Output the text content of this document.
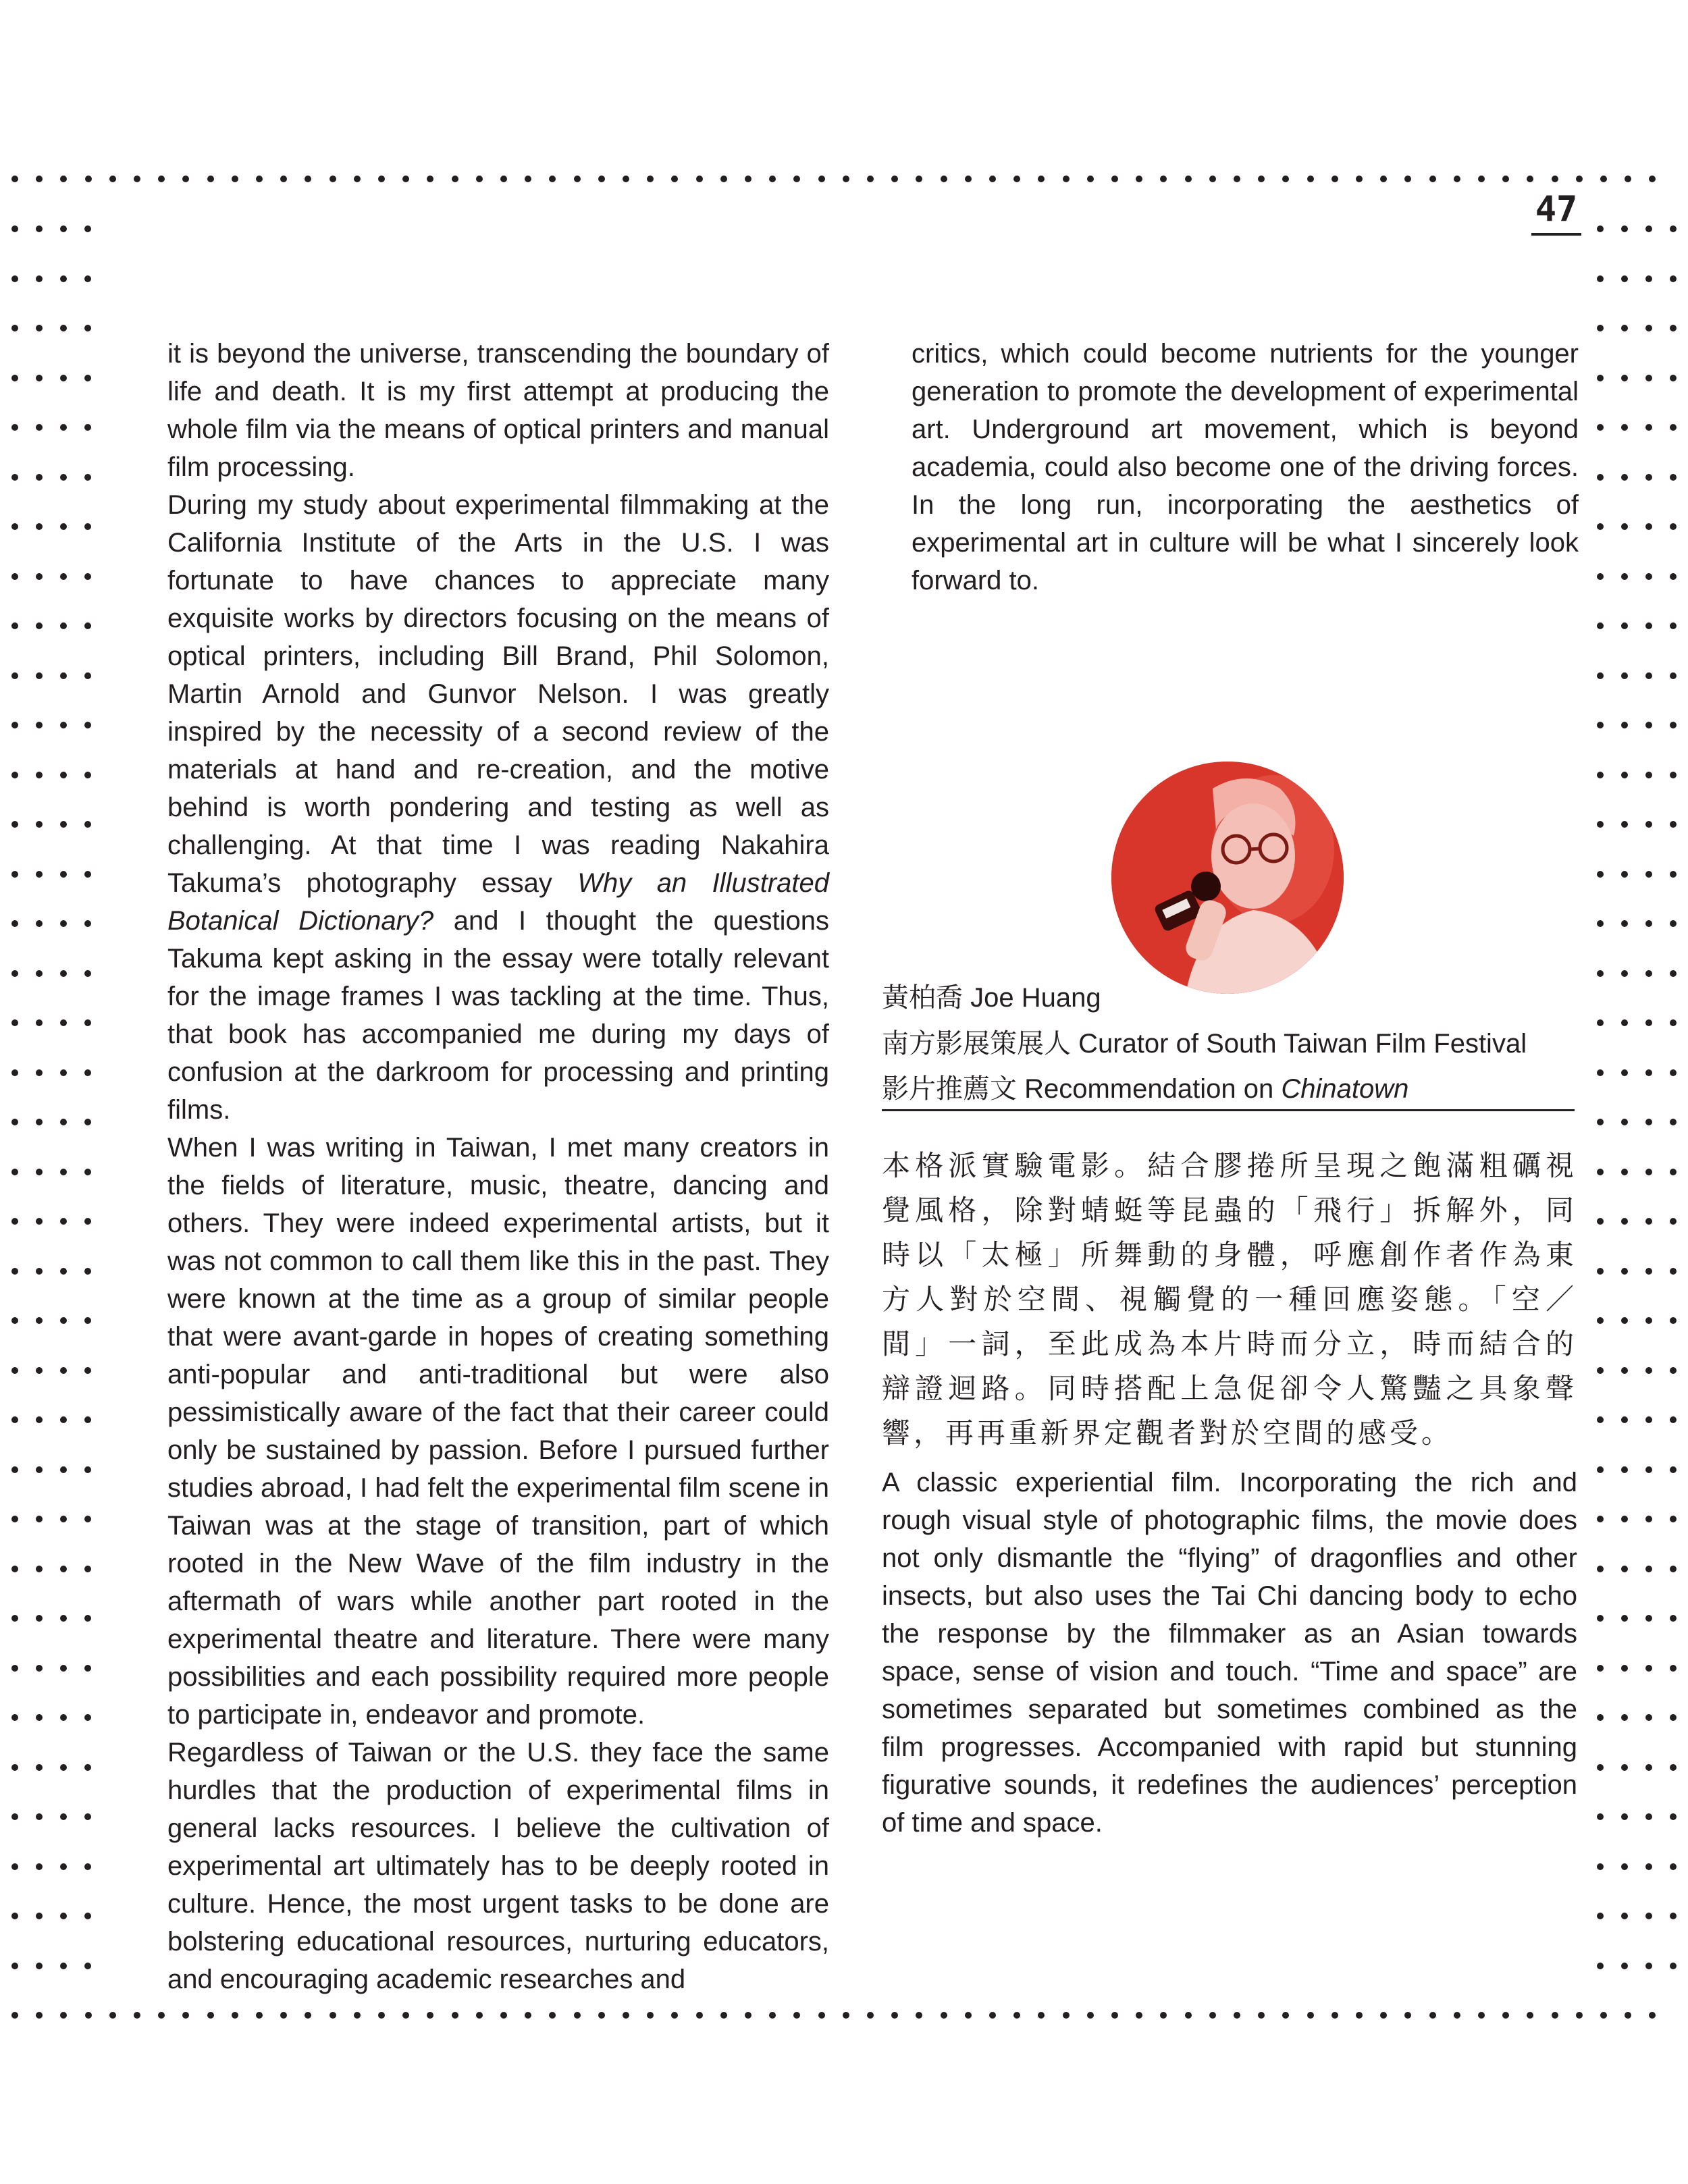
47

it is beyond the universe, transcending the boundary of life and death. It is my first attempt at producing the whole film via the means of optical printers and manual film processing.

During my study about experimental filmmaking at the California Institute of the Arts in the U.S. I was fortunate to have chances to appreciate many exquisite works by directors focusing on the means of optical printers, including Bill Brand, Phil Solomon, Martin Arnold and Gunvor Nelson. I was greatly inspired by the necessity of a second review of the materials at hand and re-creation, and the motive behind is worth pondering and testing as well as challenging. At that time I was reading Nakahira Takuma’s photography essay Why an Illustrated Botanical Dictionary? and I thought the questions Takuma kept asking in the essay were totally relevant for the image frames I was tackling at the time. Thus, that book has accompanied me during my days of confusion at the darkroom for processing and printing films.

When I was writing in Taiwan, I met many creators in the fields of literature, music, theatre, dancing and others. They were indeed experimental artists, but it was not common to call them like this in the past. They were known at the time as a group of similar people that were avant-garde in hopes of creating something anti-popular and anti-traditional but were also pessimistically aware of the fact that their career could only be sustained by passion. Before I pursued further studies abroad, I had felt the experimental film scene in Taiwan was at the stage of transition, part of which rooted in the New Wave of the film industry in the aftermath of wars while another part rooted in the experimental theatre and literature. There were many possibilities and each possibility required more people to participate in, endeavor and promote.

Regardless of Taiwan or the U.S. they face the same hurdles that the production of experimental films in general lacks resources. I believe the cultivation of experimental art ultimately has to be deeply rooted in culture. Hence, the most urgent tasks to be done are bolstering educational resources, nurturing educators, and encouraging academic researches and

critics, which could become nutrients for the younger generation to promote the development of experimental art. Underground art movement, which is beyond academia, could also become one of the driving forces. In the long run, incorporating the aesthetics of experimental art in culture will be what I sincerely look forward to.

黃柏喬 Joe Huang
南方影展策展人 Curator of South Taiwan Film Festival
影片推薦文 Recommendation on Chinatown
本格派實驗電影。結合膠捲所呈現之飽滿粗礪視覺風格，除對蜻蜓等昆蟲的「飛行」拆解外，同時以「太極」所舞動的身體，呼應創作者作為東方人對於空間、視觸覺的一種回應姿態。「空／間」一詞，至此成為本片時而分立，時而結合的辯證迴路。同時搭配上急促卻令人驚豔之具象聲響，再再重新界定觀者對於空間的感受。
A classic experiential film. Incorporating the rich and rough visual style of photographic films, the movie does not only dismantle the “flying” of dragonflies and other insects, but also uses the Tai Chi dancing body to echo the response by the filmmaker as an Asian towards space, sense of vision and touch. “Time and space” are sometimes separated but sometimes combined as the film progresses. Accompanied with rapid but stunning figurative sounds, it redefines the audiences’ perception of time and space.
